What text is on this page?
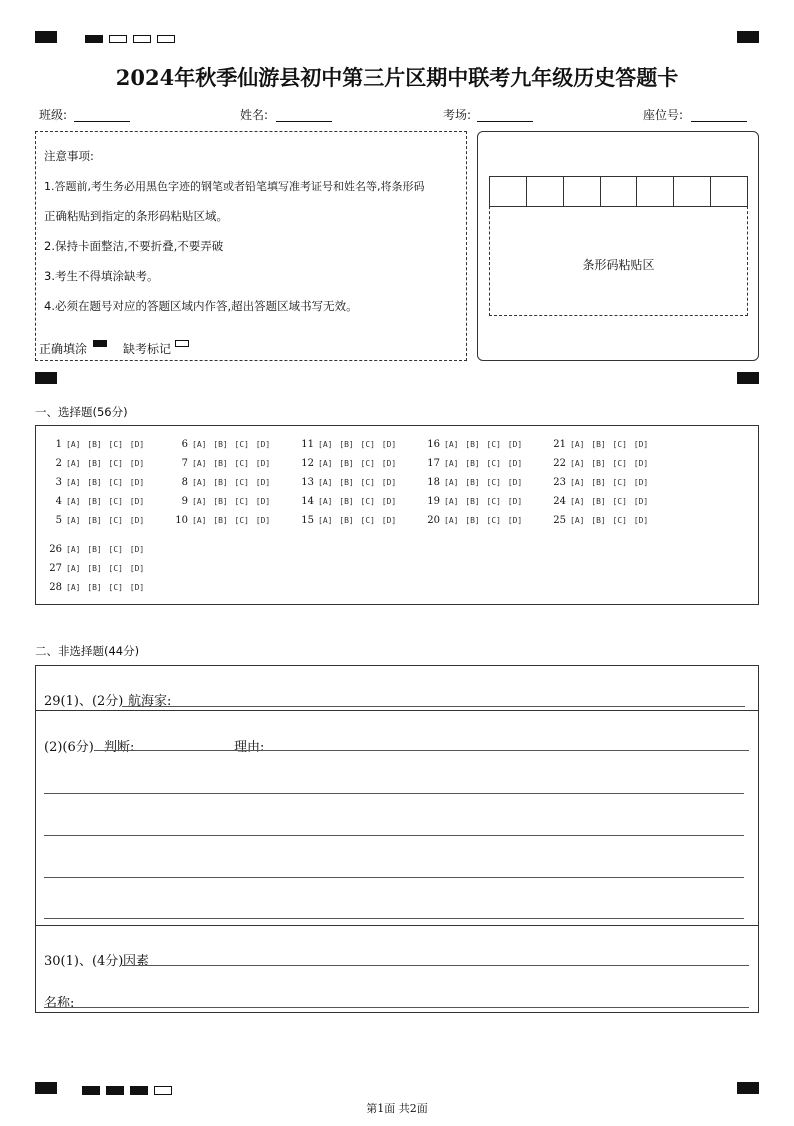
2024年秋季仙游县初中第三片区期中联考九年级历史答题卡
班级:	姓名:	考场:	座位号:
注意事项:
1.答题前,考生务必用黑色字迹的钢笔或者铅笔填写准考证号和姓名等,将条形码
正确粘贴到指定的条形码粘贴区域。
2.保持卡面整洁,不要折叠,不要弄破
3.考生不得填涂缺考。
4.必须在题号对应的答题区域内作答,超出答题区域书写无效。
正确填涂	缺考标记
条形码粘贴区
一、选择题(56分)
1 [A] [B] [C] [D]
2 [A] [B] [C] [D]
3 [A] [B] [C] [D]
4 [A] [B] [C] [D]
5 [A] [B] [C] [D]
6 [A] [B] [C] [D]
7 [A] [B] [C] [D]
8 [A] [B] [C] [D]
9 [A] [B] [C] [D]
10 [A] [B] [C] [D]
11 [A] [B] [C] [D]
12 [A] [B] [C] [D]
13 [A] [B] [C] [D]
14 [A] [B] [C] [D]
15 [A] [B] [C] [D]
16 [A] [B] [C] [D]
17 [A] [B] [C] [D]
18 [A] [B] [C] [D]
19 [A] [B] [C] [D]
20 [A] [B] [C] [D]
21 [A] [B] [C] [D]
22 [A] [B] [C] [D]
23 [A] [B] [C] [D]
24 [A] [B] [C] [D]
25 [A] [B] [C] [D]
26 [A] [B] [C] [D]
27 [A] [B] [C] [D]
28 [A] [B] [C] [D]
二、非选择题(44分)
29(1)、(2分) 航海家:
(2)(6分) 判断:	理由:
30(1)、(4分) 因素
名称:
第1面 共2面
